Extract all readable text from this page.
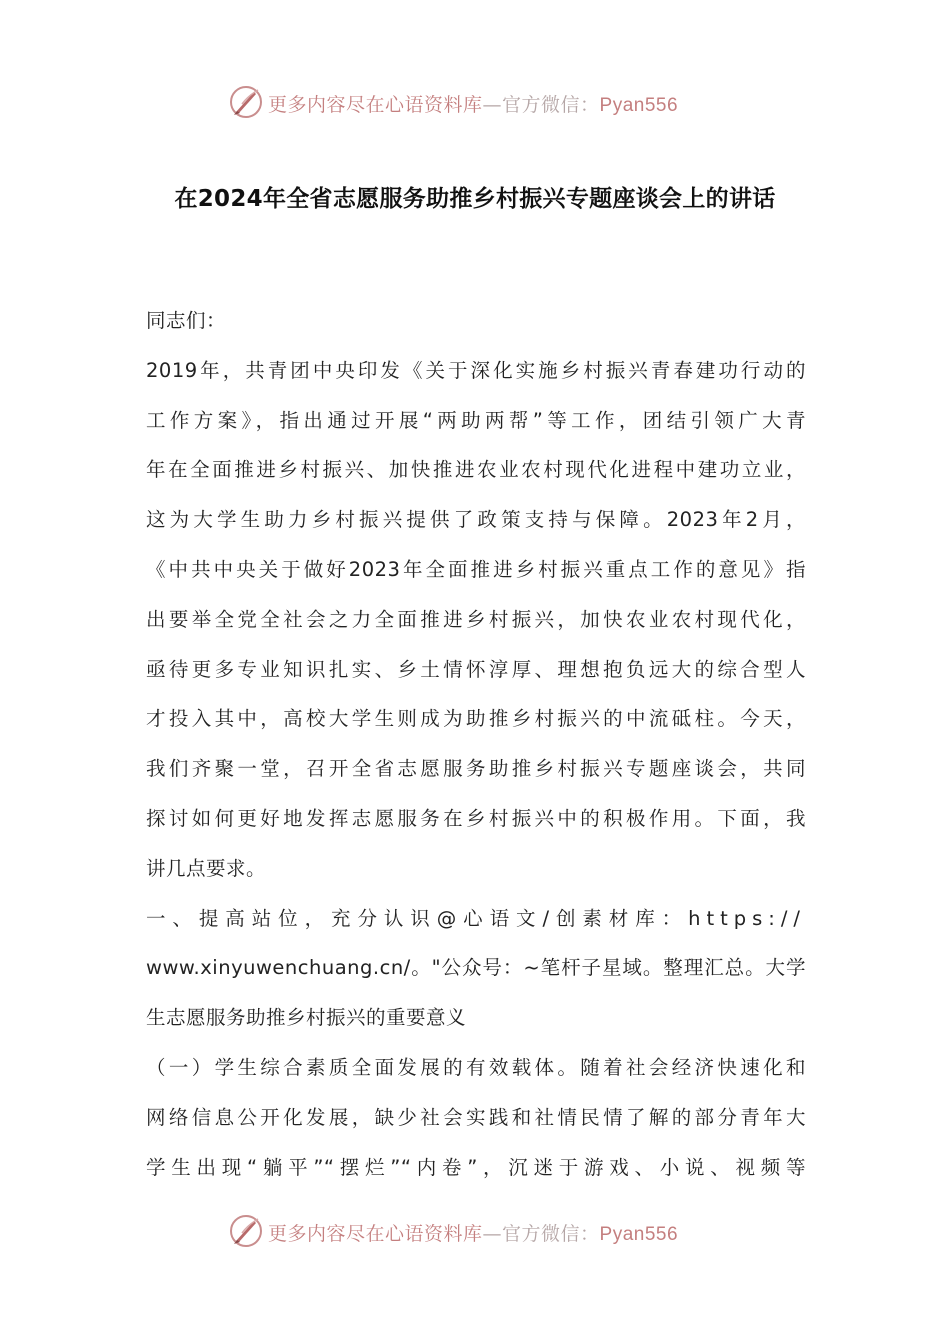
更多内容尽在心语资料库—官方微信：Pyan556
在2024年全省志愿服务助推乡村振兴专题座谈会上的讲话
同志们：
2019年，共青团中央印发《关于深化实施乡村振兴青春建功行动的
工作方案》，指出通过开展“两助两帮”等工作，团结引领广大青
年在全面推进乡村振兴、加快推进农业农村现代化进程中建功立业，
这为大学生助力乡村振兴提供了政策支持与保障。2023年2月，
《中共中央关于做好2023年全面推进乡村振兴重点工作的意见》指
出要举全党全社会之力全面推进乡村振兴，加快农业农村现代化，
亟待更多专业知识扎实、乡土情怀淳厚、理想抱负远大的综合型人
才投入其中，高校大学生则成为助推乡村振兴的中流砥柱。今天，
我们齐聚一堂，召开全省志愿服务助推乡村振兴专题座谈会，共同
探讨如何更好地发挥志愿服务在乡村振兴中的积极作用。下面，我
讲几点要求。
一、提高站位，充分认识@心语文/创素材库：https://
www.xinyuwenchuang.cn/。"公众号：~笔杆子星域。整理汇总。大学
生志愿服务助推乡村振兴的重要意义
（一）学生综合素质全面发展的有效载体。随着社会经济快速化和
网络信息公开化发展，缺少社会实践和社情民情了解的部分青年大
学生出现“躺平”“摆烂”“内卷”，沉迷于游戏、小说、视频等
更多内容尽在心语资料库—官方微信：Pyan556
